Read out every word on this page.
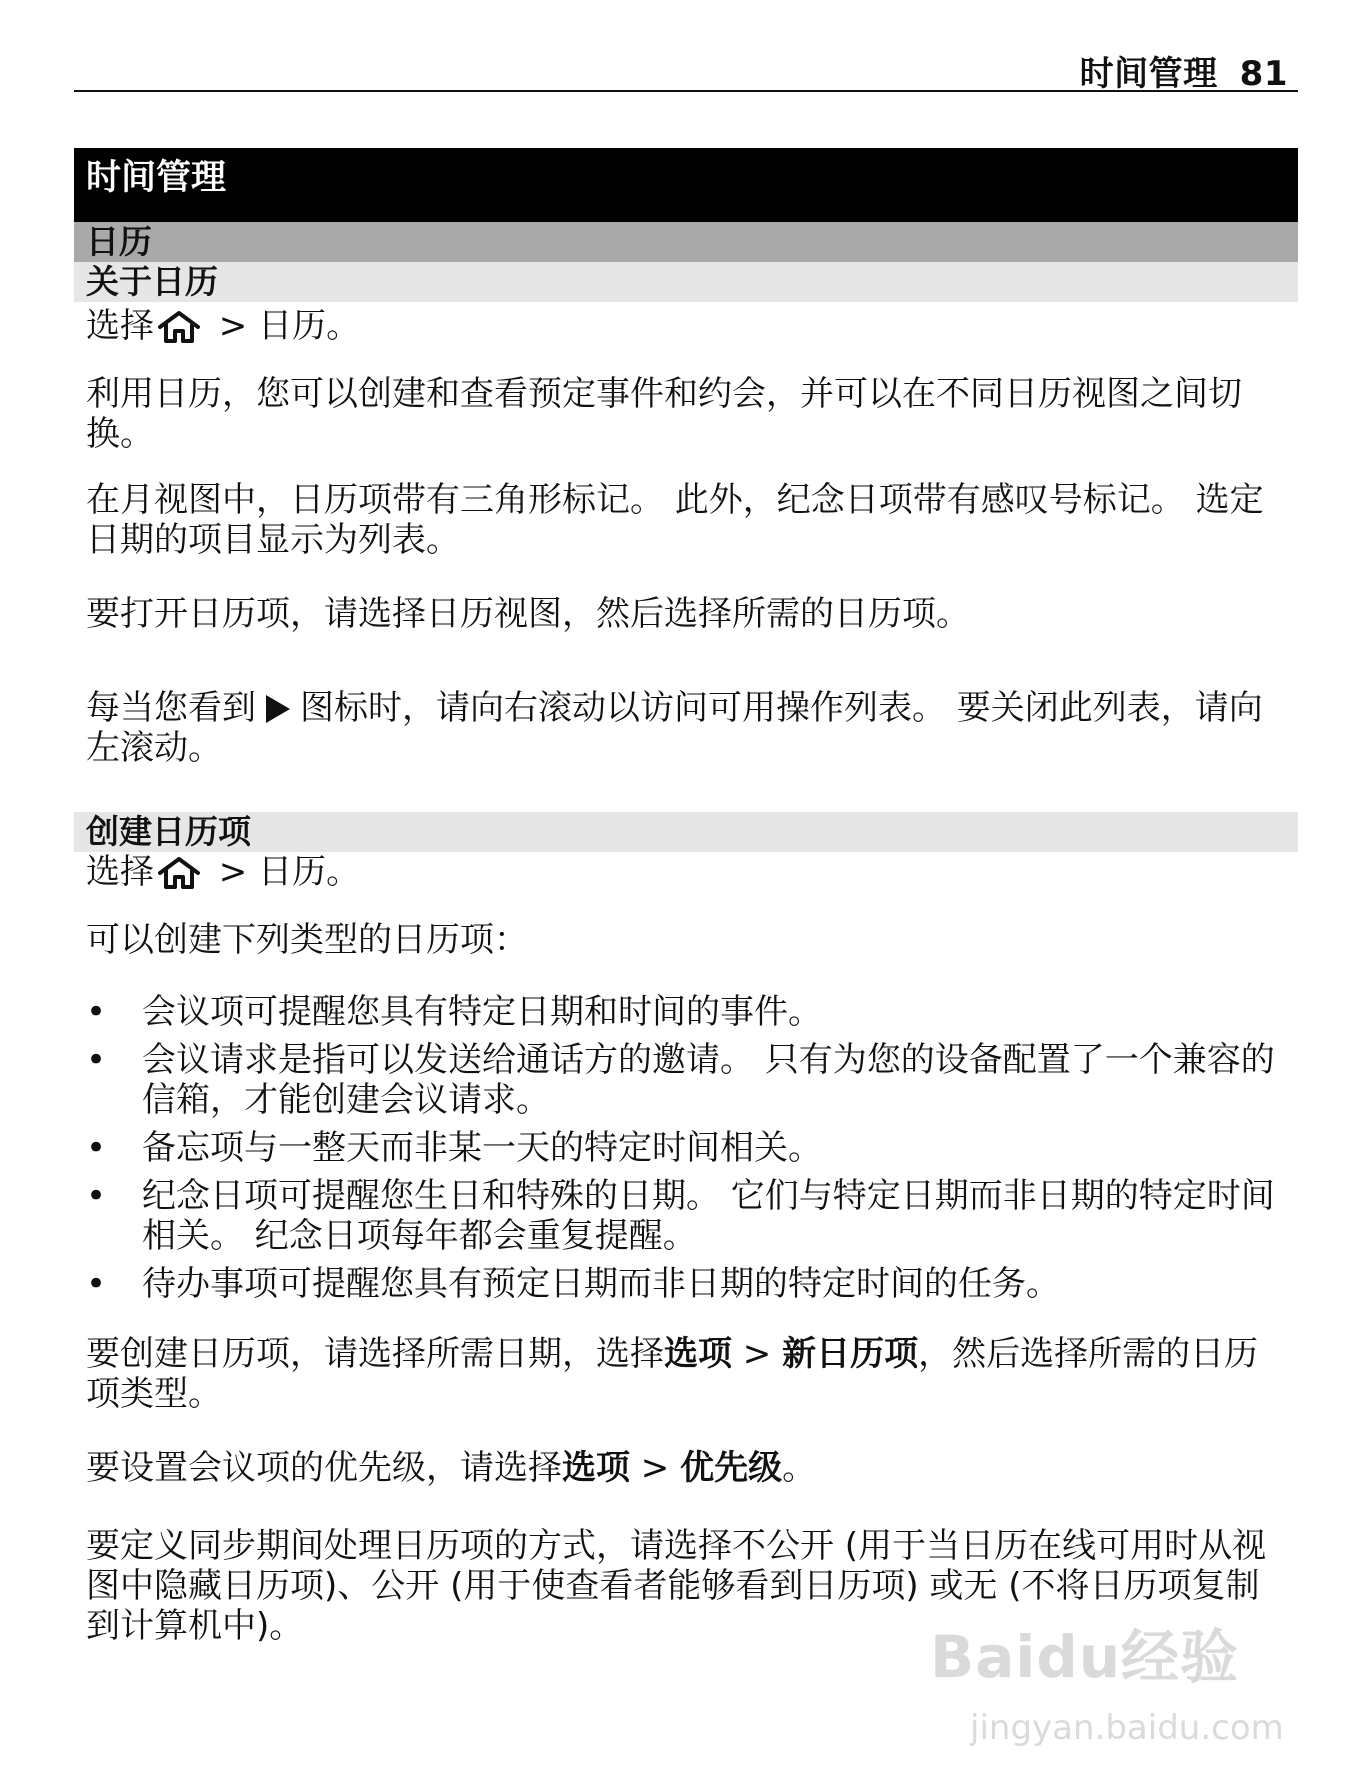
时间管理 81
时间管理
日历
关于日历

选择 > 日历。

利用日历，您可以创建和查看预定事件和约会，并可以在不同日历视图之间切换。

在月视图中，日历项带有三角形标记。 此外，纪念日项带有感叹号标记。 选定日期的项目显示为列表。

要打开日历项，请选择日历视图，然后选择所需的日历项。

每当您看到 图标时，请向右滚动以访问可用操作列表。 要关闭此列表，请向左滚动。

创建日历项

选择 > 日历。

可以创建下列类型的日历项：

•	会议项可提醒您具有特定日期和时间的事件。
•	会议请求是指可以发送给通话方的邀请。 只有为您的设备配置了一个兼容的信箱，才能创建会议请求。
•	备忘项与一整天而非某一天的特定时间相关。
•	纪念日项可提醒您生日和特殊的日期。 它们与特定日期而非日期的特定时间相关。 纪念日项每年都会重复提醒。
•	待办事项可提醒您具有预定日期而非日期的特定时间的任务。

要创建日历项，请选择所需日期，选择选项 > 新日历项，然后选择所需的日历项类型。

要设置会议项的优先级，请选择选项 > 优先级。

要定义同步期间处理日历项的方式，请选择不公开 (用于当日历在线可用时从视图中隐藏日历项)、公开 (用于使查看者能够看到日历项) 或无 (不将日历项复制到计算机中)。	Baidu经验
jingyan.baidu.com
